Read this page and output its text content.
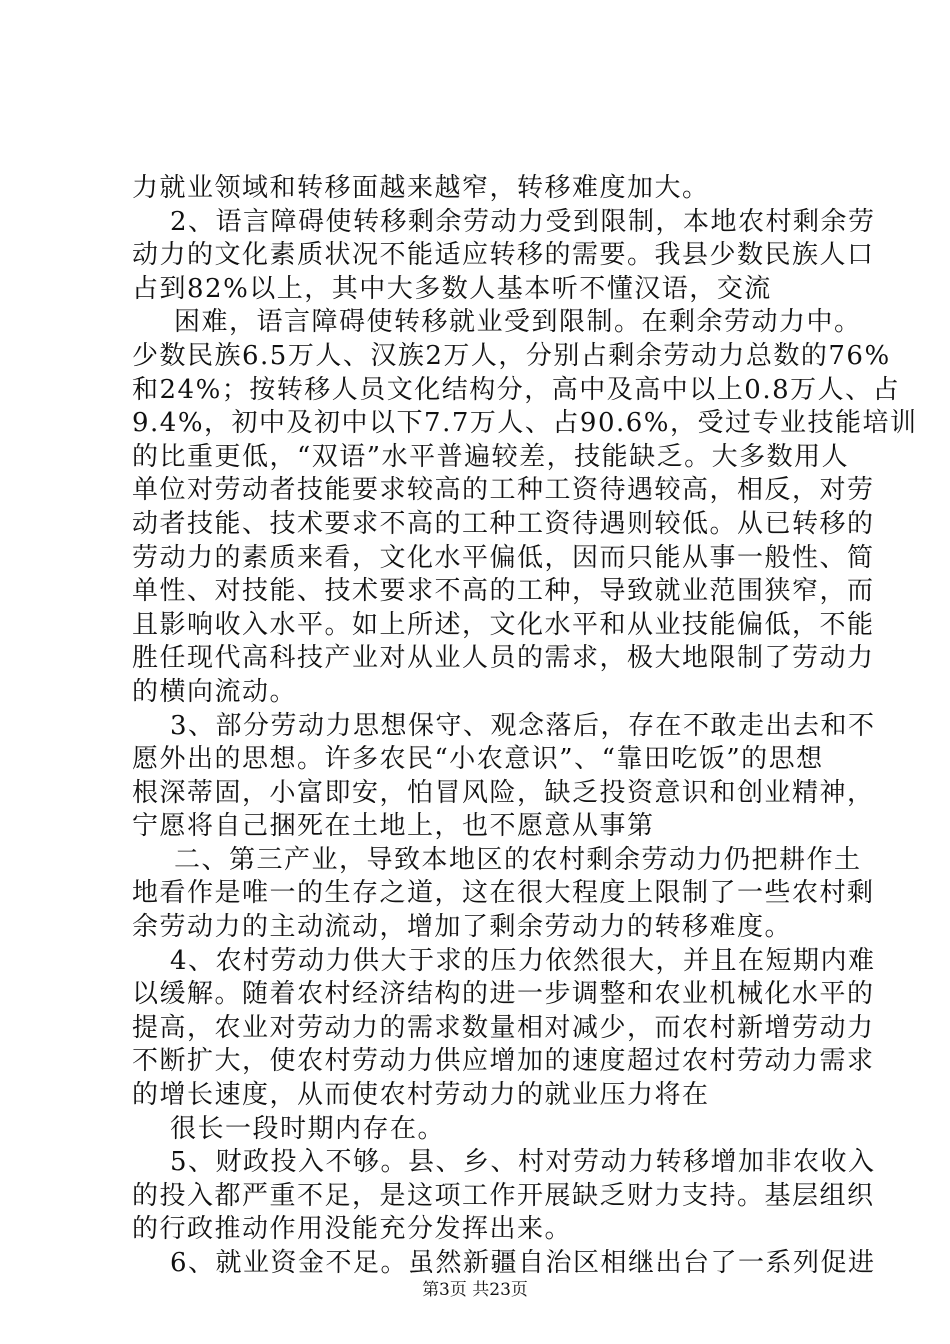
力就业领域和转移面越来越窄，转移难度加大。
2、语言障碍使转移剩余劳动力受到限制，本地农村剩余劳
动力的文化素质状况不能适应转移的需要。我县少数民族人口
占到82%以上，其中大多数人基本听不懂汉语，交流
困难，语言障碍使转移就业受到限制。在剩余劳动力中。
少数民族6.5万人、汉族2万人，分别占剩余劳动力总数的76%
和24%；按转移人员文化结构分，高中及高中以上0.8万人、占
9.4%，初中及初中以下7.7万人、占90.6%，受过专业技能培训
的比重更低，“双语”水平普遍较差，技能缺乏。大多数用人
单位对劳动者技能要求较高的工种工资待遇较高，相反，对劳
动者技能、技术要求不高的工种工资待遇则较低。从已转移的
劳动力的素质来看，文化水平偏低，因而只能从事一般性、简
单性、对技能、技术要求不高的工种，导致就业范围狭窄，而
且影响收入水平。如上所述，文化水平和从业技能偏低，不能
胜任现代高科技产业对从业人员的需求，极大地限制了劳动力
的横向流动。
3、部分劳动力思想保守、观念落后，存在不敢走出去和不
愿外出的思想。许多农民“小农意识”、“靠田吃饭”的思想
根深蒂固，小富即安，怕冒风险，缺乏投资意识和创业精神，
宁愿将自己捆死在土地上，也不愿意从事第
二、第三产业，导致本地区的农村剩余劳动力仍把耕作土
地看作是唯一的生存之道，这在很大程度上限制了一些农村剩
余劳动力的主动流动，增加了剩余劳动力的转移难度。
4、农村劳动力供大于求的压力依然很大，并且在短期内难
以缓解。随着农村经济结构的进一步调整和农业机械化水平的
提高，农业对劳动力的需求数量相对减少，而农村新增劳动力
不断扩大，使农村劳动力供应增加的速度超过农村劳动力需求
的增长速度，从而使农村劳动力的就业压力将在
很长一段时期内存在。
5、财政投入不够。县、乡、村对劳动力转移增加非农收入
的投入都严重不足，是这项工作开展缺乏财力支持。基层组织
的行政推动作用没能充分发挥出来。
6、就业资金不足。虽然新疆自治区相继出台了一系列促进
第3页 共23页
